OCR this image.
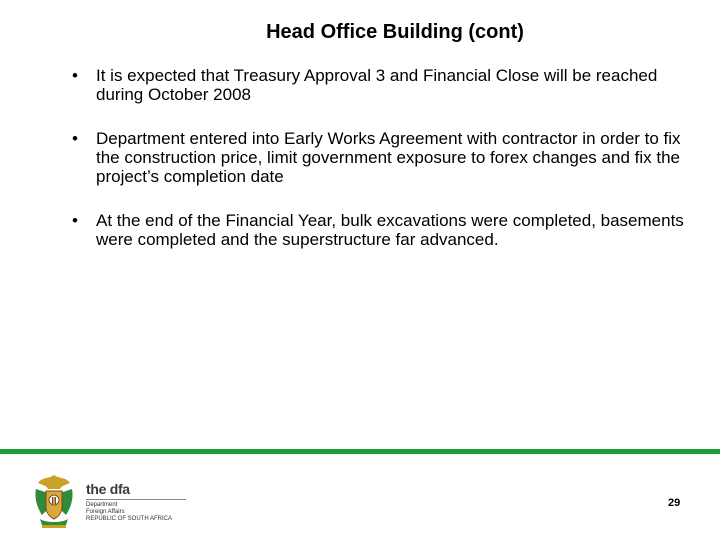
Head Office Building (cont)
• It is expected that Treasury Approval 3 and Financial Close will be reached during October 2008
• Department entered into Early Works Agreement with contractor in order to fix the construction price, limit government exposure to forex changes and fix the project’s completion date
• At the end of the Financial Year, bulk excavations were completed, basements were completed and the superstructure far advanced.
the dfa
Department
Foreign Affairs
REPUBLIC OF SOUTH AFRICA
29
